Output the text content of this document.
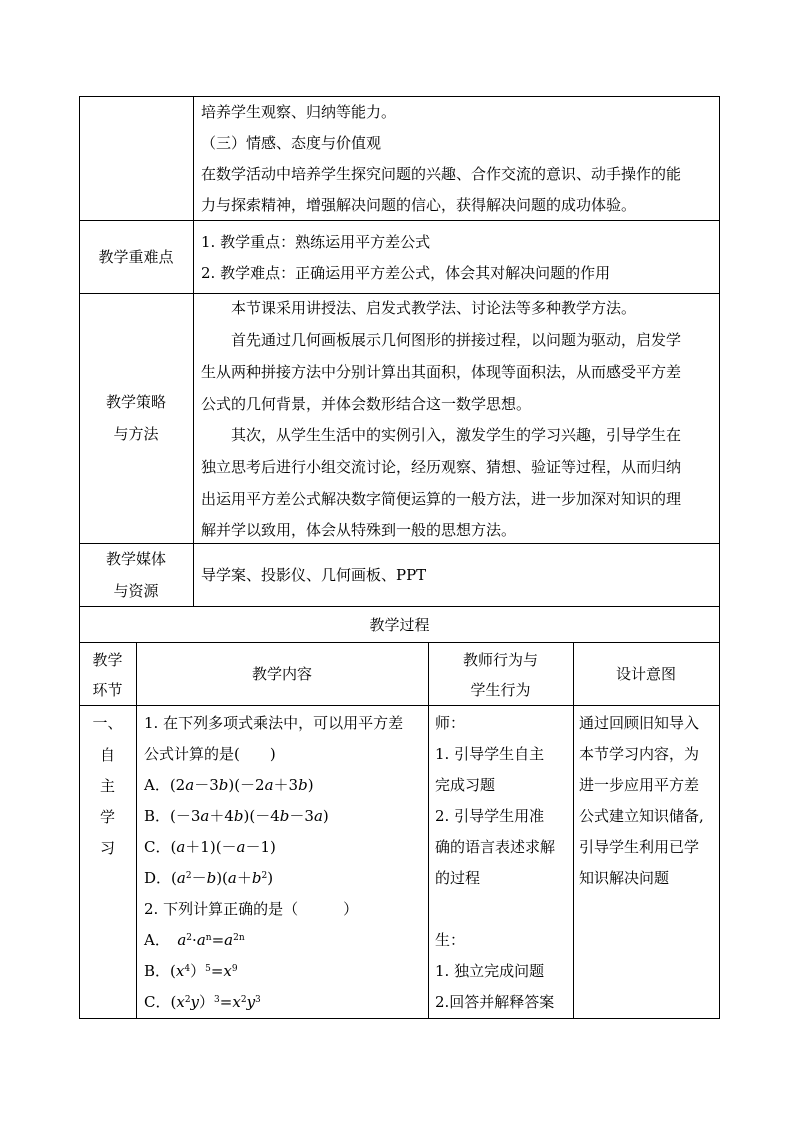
培养学生观察、归纳等能力。
（三）情感、态度与价值观
在数学活动中培养学生探究问题的兴趣、合作交流的意识、动手操作的能
力与探索精神，增强解决问题的信心，获得解决问题的成功体验。
教学重难点
1. 教学重点：熟练运用平方差公式
2. 教学难点：正确运用平方差公式，体会其对解决问题的作用
教学策略
与方法
本节课采用讲授法、启发式教学法、讨论法等多种教学方法。
首先通过几何画板展示几何图形的拼接过程，以问题为驱动，启发学
生从两种拼接方法中分别计算出其面积，体现等面积法，从而感受平方差
公式的几何背景，并体会数形结合这一数学思想。
其次，从学生生活中的实例引入，激发学生的学习兴趣，引导学生在
独立思考后进行小组交流讨论，经历观察、猜想、验证等过程，从而归纳
出运用平方差公式解决数字简便运算的一般方法，进一步加深对知识的理
解并学以致用，体会从特殊到一般的思想方法。
教学媒体
与资源
导学案、投影仪、几何画板、PPT
教学过程
教学
环节
教学内容
教师行为与
学生行为
设计意图
一、
自
主
学
习
1. 在下列多项式乘法中，可以用平方差
公式计算的是(　　)
A．(2a－3b)(－2a＋3b)
B．(－3a＋4b)(－4b－3a)
C．(a＋1)(－a－1)
D．$(a^2-b)(a+b^2)$
2. 下列计算正确的是（　　　）
A．　$a^2\cdot a^n=a^{2n}$
B．$(x^4)^5=x^9$
C．$(x^2y)^3=x^2y^3$
师：
1. 引导学生自主
完成习题
2. 引导学生用准
确的语言表述求解
的过程
生：
1. 独立完成问题
2.回答并解释答案
通过回顾旧知导入
本节学习内容，为
进一步应用平方差
公式建立知识储备,
引导学生利用已学
知识解决问题
